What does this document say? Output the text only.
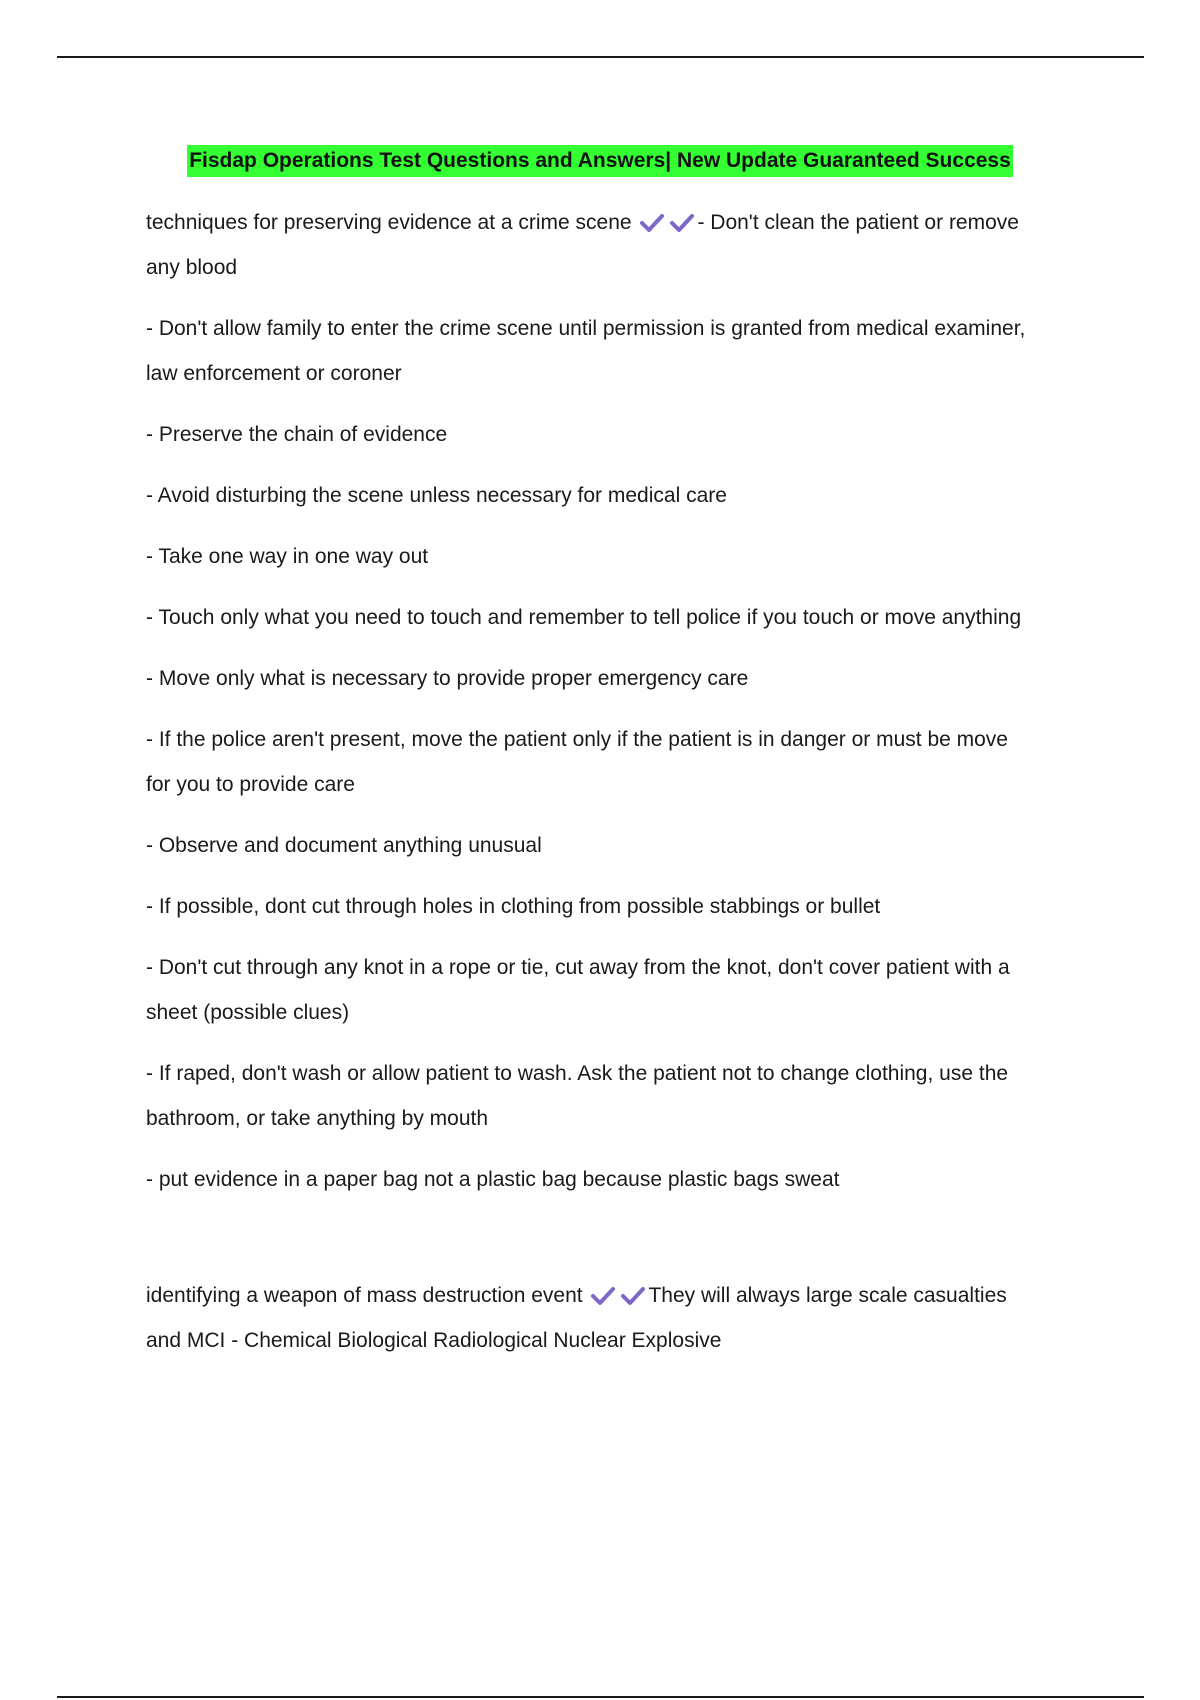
Fisdap Operations Test Questions and Answers| New Update Guaranteed Success

techniques for preserving evidence at a crime scene	- Don't clean the patient or remove

any blood

- Don't allow family to enter the crime scene until permission is granted from medical examiner,

law enforcement or coroner

- Preserve the chain of evidence

- Avoid disturbing the scene unless necessary for medical care

- Take one way in one way out

- Touch only what you need to touch and remember to tell police if you touch or move anything

- Move only what is necessary to provide proper emergency care

- If the police aren't present, move the patient only if the patient is in danger or must be move

for you to provide care

- Observe and document anything unusual

- If possible, dont cut through holes in clothing from possible stabbings or bullet

- Don't cut through any knot in a rope or tie, cut away from the knot, don't cover patient with a

sheet (possible clues)

- If raped, don't wash or allow patient to wash. Ask the patient not to change clothing, use the

bathroom, or take anything by mouth

- put evidence in a paper bag not a plastic bag because plastic bags sweat

identifying a weapon of mass destruction event	They will always large scale casualties

and MCI - Chemical Biological Radiological Nuclear Explosive
